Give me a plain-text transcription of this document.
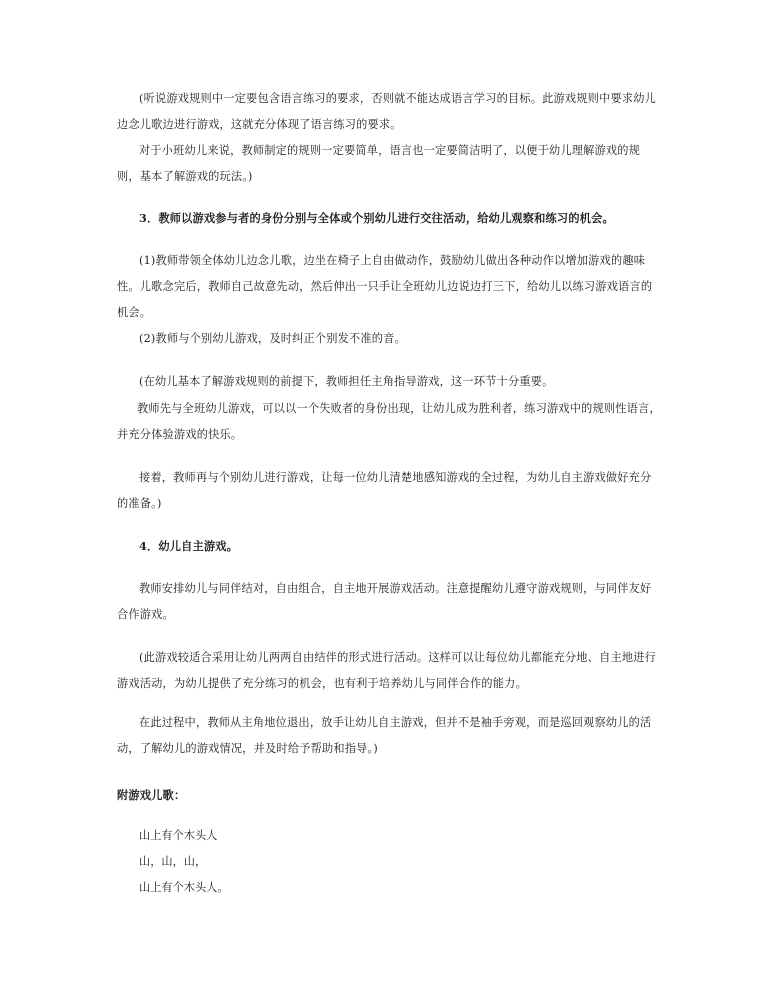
(听说游戏规则中一定要包含语言练习的要求，否则就不能达成语言学习的目标。此游戏规则中要求幼儿边念儿歌边进行游戏，这就充分体现了语言练习的要求。

对于小班幼儿来说，教师制定的规则一定要简单，语言也一定要简洁明了，以便于幼儿理解游戏的规则，基本了解游戏的玩法。)

3．教师以游戏参与者的身份分别与全体或个别幼儿进行交往活动，给幼儿观察和练习的机会。

(1)教师带领全体幼儿边念儿歌，边坐在椅子上自由做动作，鼓励幼儿做出各种动作以增加游戏的趣味性。儿歌念完后，教师自己故意先动，然后伸出一只手让全班幼儿边说边打三下，给幼儿以练习游戏语言的机会。

(2)教师与个别幼儿游戏，及时纠正个别发不准的音。

(在幼儿基本了解游戏规则的前提下，教师担任主角指导游戏，这一环节十分重要。

教师先与全班幼儿游戏，可以以一个失败者的身份出现，让幼儿成为胜利者，练习游戏中的规则性语言，并充分体验游戏的快乐。

接着，教师再与个别幼儿进行游戏，让每一位幼儿清楚地感知游戏的全过程，为幼儿自主游戏做好充分的准备。)

4．幼儿自主游戏。

教师安排幼儿与同伴结对，自由组合，自主地开展游戏活动。注意提醒幼儿遵守游戏规则，与同伴友好合作游戏。

(此游戏较适合采用让幼儿两两自由结伴的形式进行活动。这样可以让每位幼儿都能充分地、自主地进行游戏活动，为幼儿提供了充分练习的机会，也有利于培养幼儿与同伴合作的能力。

在此过程中，教师从主角地位退出，放手让幼儿自主游戏，但并不是袖手旁观，而是巡回观察幼儿的活动，了解幼儿的游戏情况，并及时给予帮助和指导。)

附游戏儿歌：

山上有个木头人

山，山，山，

山上有个木头人。
